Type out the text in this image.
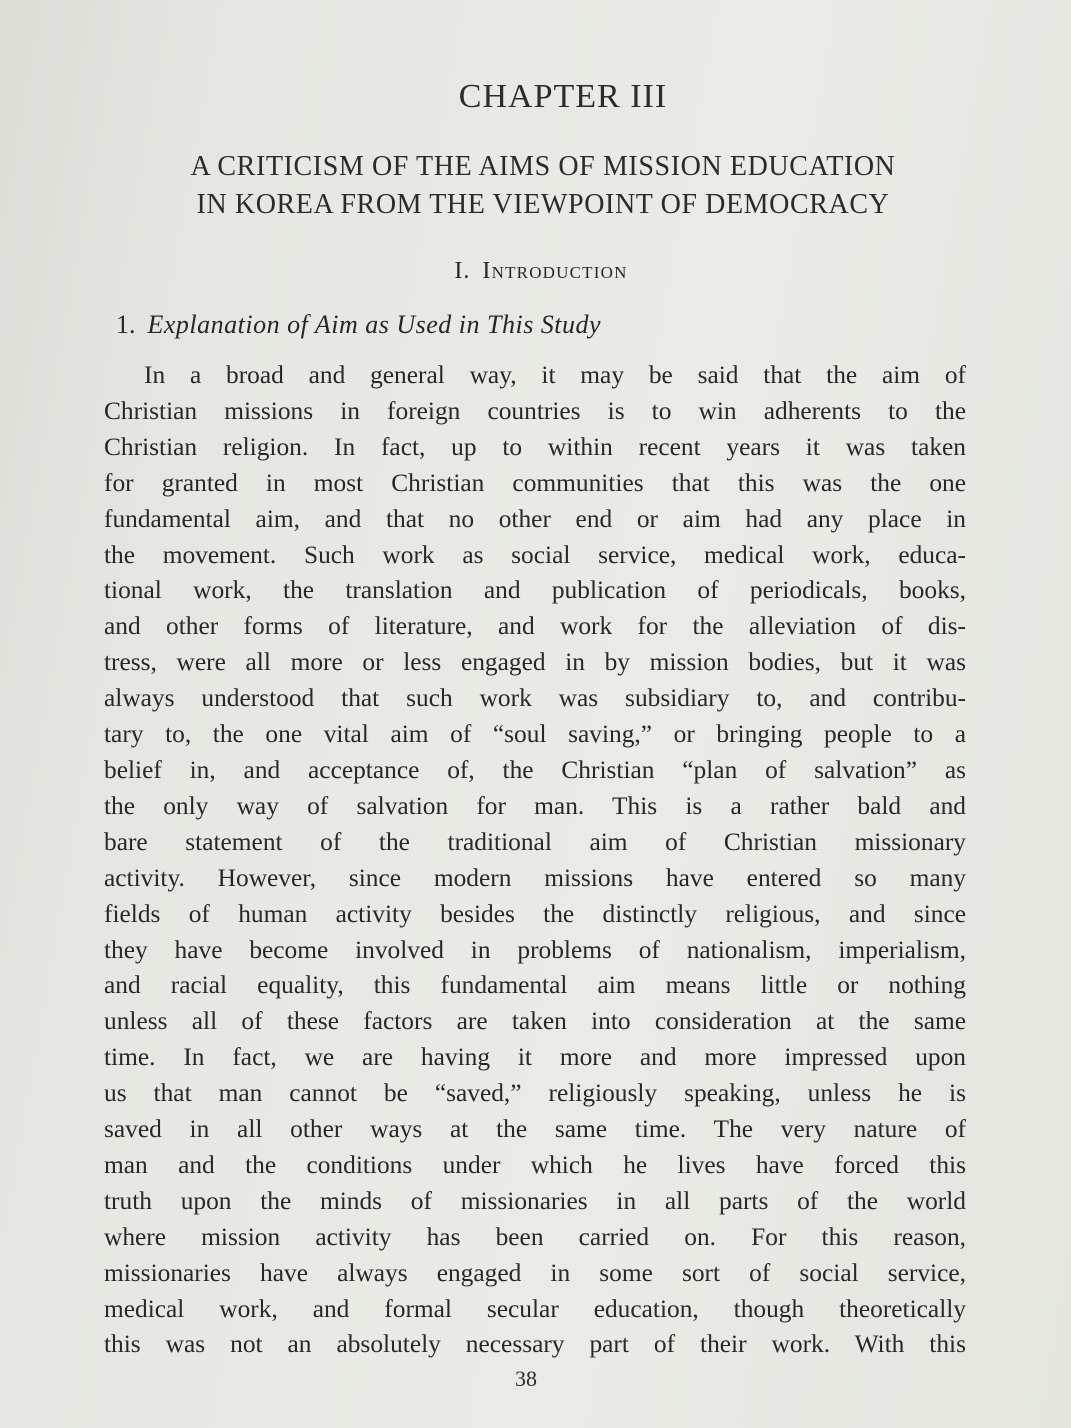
CHAPTER III
A CRITICISM OF THE AIMS OF MISSION EDUCATION
IN KOREA FROM THE VIEWPOINT OF DEMOCRACY
I. Introduction
1. Explanation of Aim as Used in This Study

In a broad and general way, it may be said that the aim of
Christian missions in foreign countries is to win adherents to the
Christian religion. In fact, up to within recent years it was taken
for granted in most Christian communities that this was the one
fundamental aim, and that no other end or aim had any place in
the movement. Such work as social service, medical work, educa-
tional work, the translation and publication of periodicals, books,
and other forms of literature, and work for the alleviation of dis-
tress, were all more or less engaged in by mission bodies, but it was
always understood that such work was subsidiary to, and contribu-
tary to, the one vital aim of “soul saving,” or bringing people to a
belief in, and acceptance of, the Christian “plan of salvation” as
the only way of salvation for man. This is a rather bald and
bare statement of the traditional aim of Christian missionary
activity. However, since modern missions have entered so many
fields of human activity besides the distinctly religious, and since
they have become involved in problems of nationalism, imperialism,
and racial equality, this fundamental aim means little or nothing
unless all of these factors are taken into consideration at the same
time. In fact, we are having it more and more impressed upon
us that man cannot be “saved,” religiously speaking, unless he is
saved in all other ways at the same time. The very nature of
man and the conditions under which he lives have forced this
truth upon the minds of missionaries in all parts of the world
where mission activity has been carried on. For this reason,
missionaries have always engaged in some sort of social service,
medical work, and formal secular education, though theoretically
this was not an absolutely necessary part of their work. With this

38
